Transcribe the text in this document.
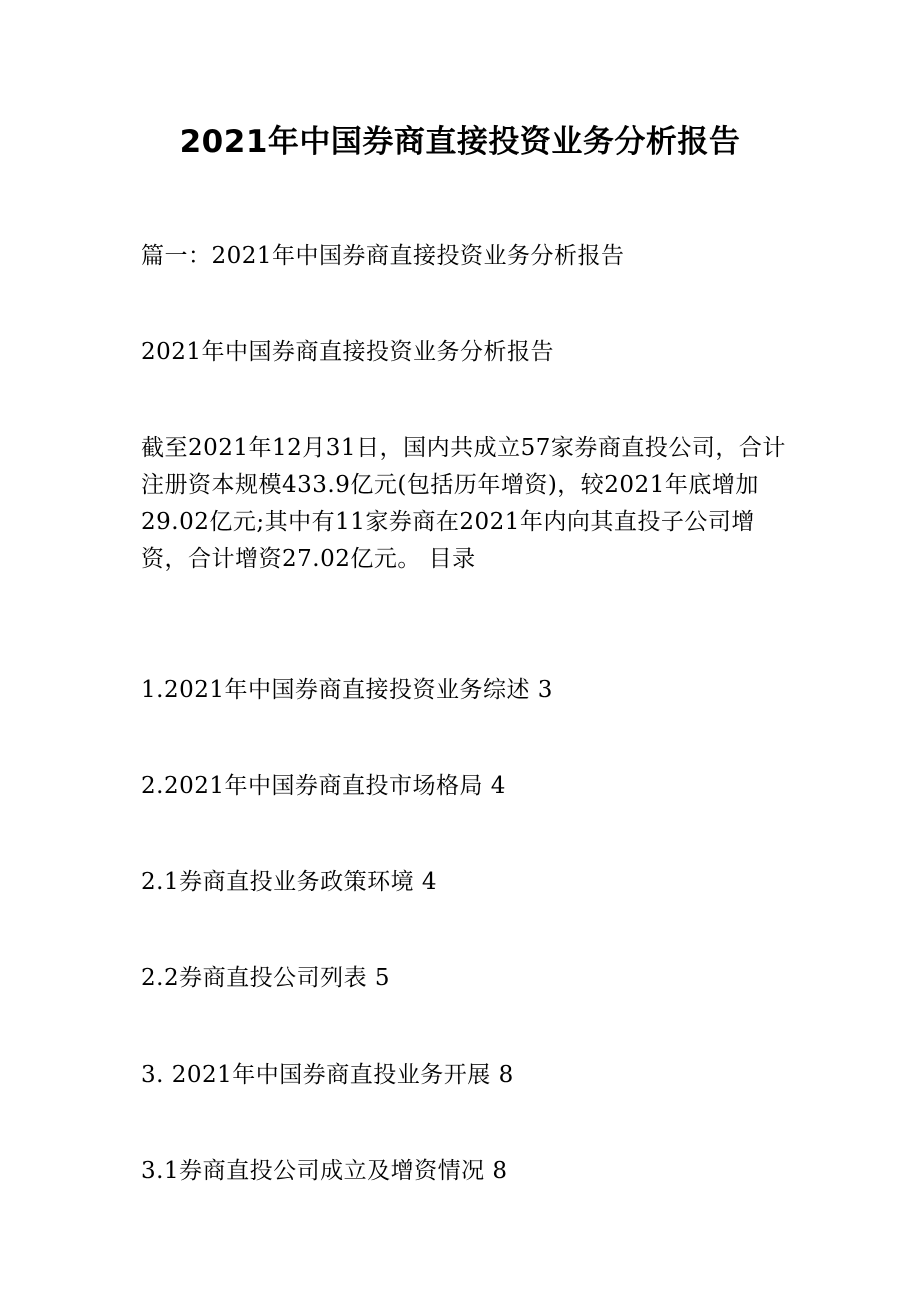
2021年中国券商直接投资业务分析报告

篇一：2021年中国券商直接投资业务分析报告

2021年中国券商直接投资业务分析报告

截至2021年12月31日，国内共成立57家券商直投公司，合计注册资本规模433.9亿元(包括历年增资)，较2021年底增加29.02亿元;其中有11家券商在2021年内向其直投子公司增资，合计增资27.02亿元。 目录

1.2021年中国券商直接投资业务综述 3

2.2021年中国券商直投市场格局 4

2.1券商直投业务政策环境 4

2.2券商直投公司列表 5

3. 2021年中国券商直投业务开展 8

3.1券商直投公司成立及增资情况 8
